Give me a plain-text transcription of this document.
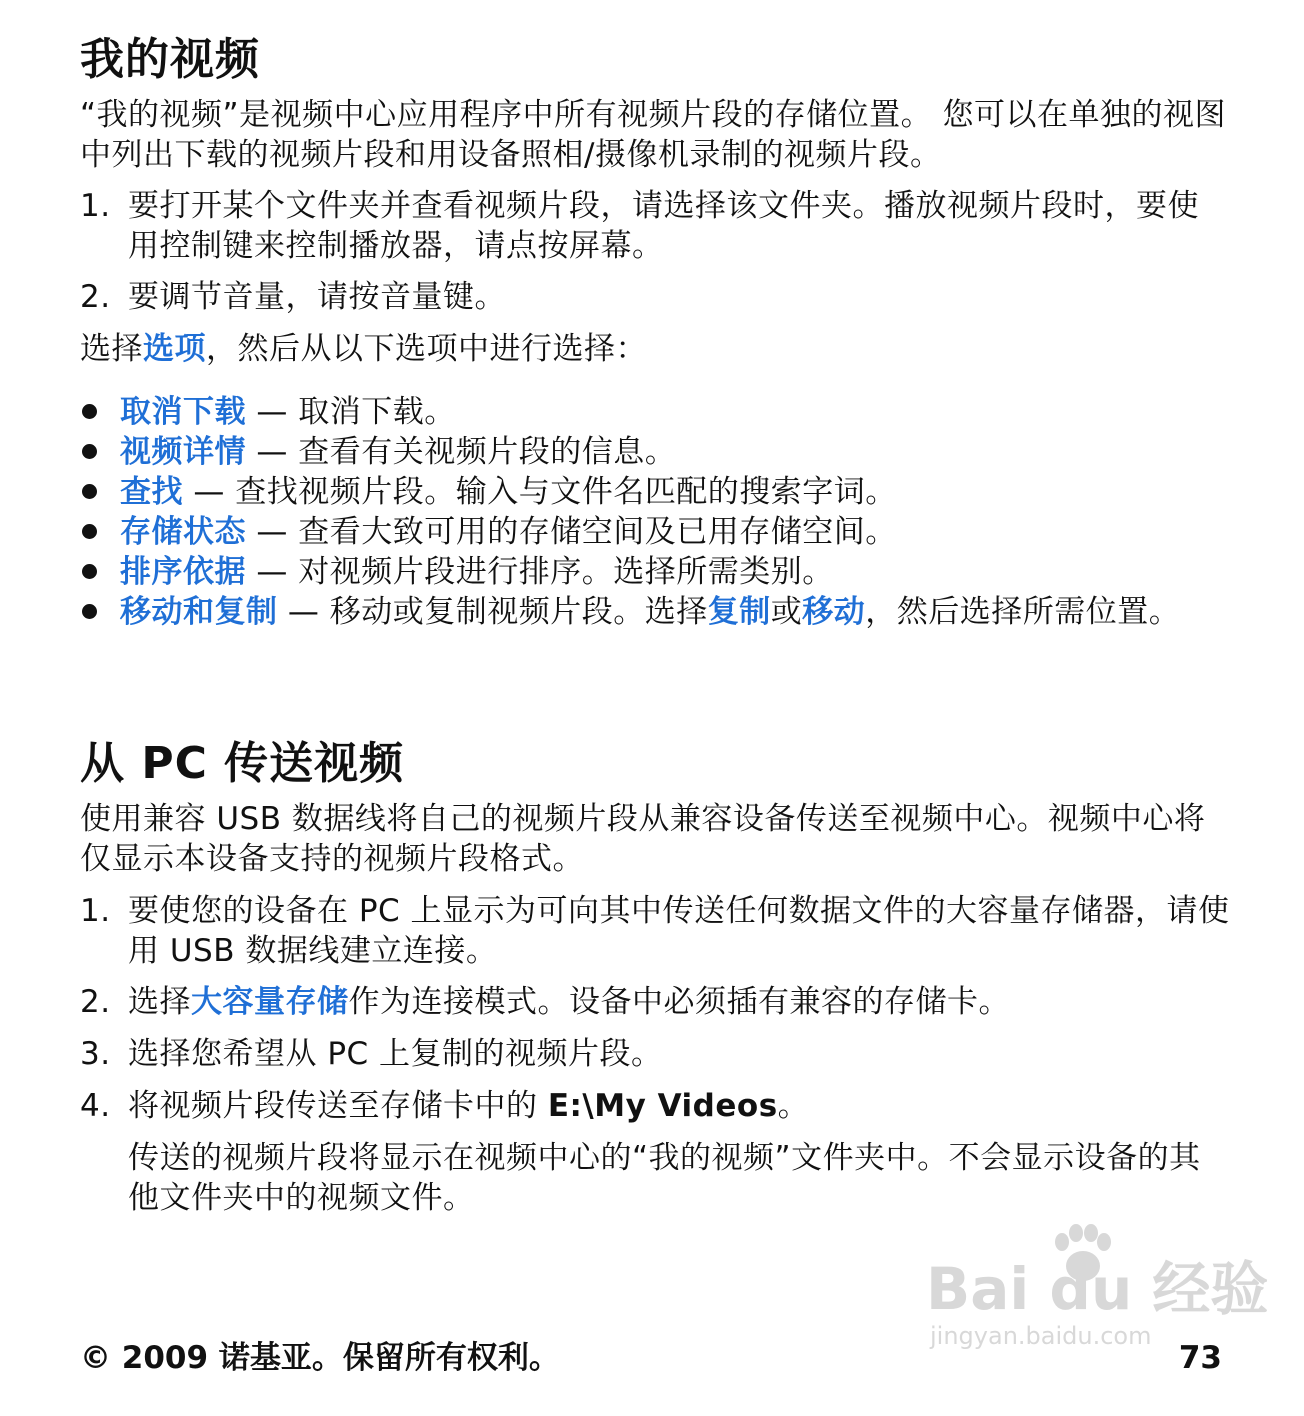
我的视频
“我的视频”是视频中心应用程序中所有视频片段的存储位置。 您可以在单独的视图中列出下载的视频片段和用设备照相/摄像机录制的视频片段。
1. 要打开某个文件夹并查看视频片段，请选择该文件夹。播放视频片段时，要使用控制键来控制播放器，请点按屏幕。
2. 要调节音量，请按音量键。
选择选项，然后从以下选项中进行选择：
取消下载 — 取消下载。
视频详情 — 查看有关视频片段的信息。
查找 — 查找视频片段。输入与文件名匹配的搜索字词。
存储状态 — 查看大致可用的存储空间及已用存储空间。
排序依据 — 对视频片段进行排序。选择所需类别。
移动和复制 — 移动或复制视频片段。选择复制或移动，然后选择所需位置。
从 PC 传送视频
使用兼容 USB 数据线将自己的视频片段从兼容设备传送至视频中心。视频中心将仅显示本设备支持的视频片段格式。
1. 要使您的设备在 PC 上显示为可向其中传送任何数据文件的大容量存储器，请使用 USB 数据线建立连接。
2. 选择大容量存储作为连接模式。设备中必须插有兼容的存储卡。
3. 选择您希望从 PC 上复制的视频片段。
4. 将视频片段传送至存储卡中的 E:\My Videos。
传送的视频片段将显示在视频中心的“我的视频”文件夹中。不会显示设备的其他文件夹中的视频文件。
Bai du 经验
jingyan.baidu.com
© 2009 诺基亚。保留所有权利。	73
